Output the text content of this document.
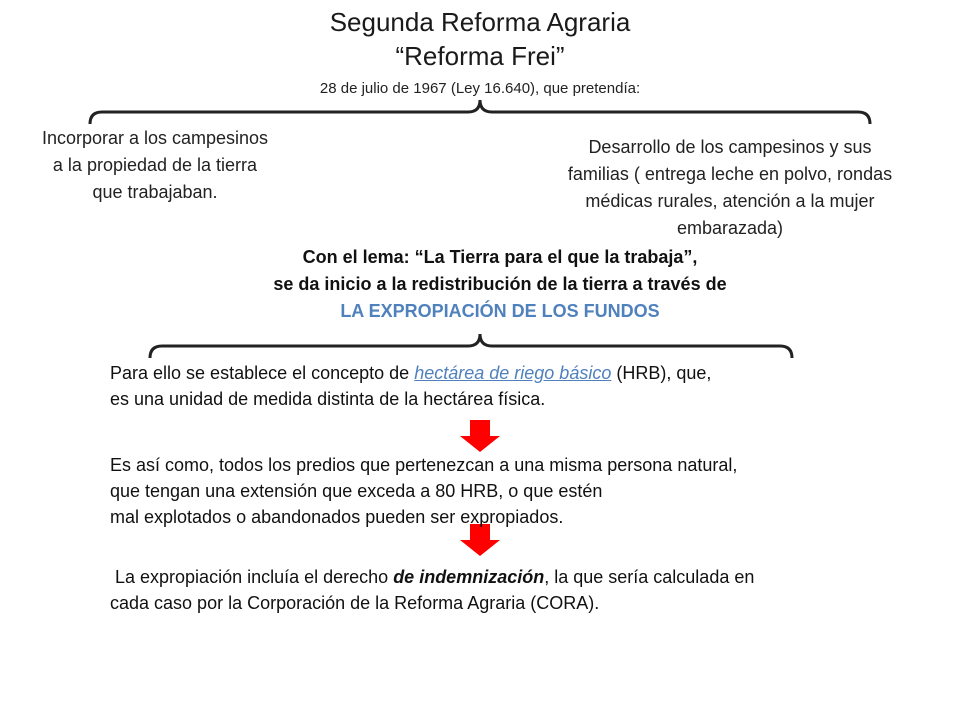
Segunda Reforma Agraria
“Reforma Frei”
28 de julio de 1967 (Ley 16.640), que pretendía:
Incorporar a los campesinos
a la propiedad de la tierra
que trabajaban.
Desarrollo de los campesinos y sus
familias ( entrega leche en polvo, rondas
médicas rurales, atención a la mujer
embarazada)
Con el lema: “La Tierra para el que la trabaja”,
se da inicio a la redistribución de la tierra a través de
LA EXPROPIACIÓN DE LOS FUNDOS
Para ello se establece el concepto de hectárea de riego básico (HRB), que,
es una unidad de medida distinta de la hectárea física.
Es así como, todos los predios que pertenezcan a una misma persona natural,
que tengan una extensión que exceda a 80 HRB, o que estén
mal explotados o abandonados pueden ser expropiados.
La expropiación incluía el derecho de indemnización, la que sería calculada en
cada caso por la Corporación de la Reforma Agraria (CORA).
